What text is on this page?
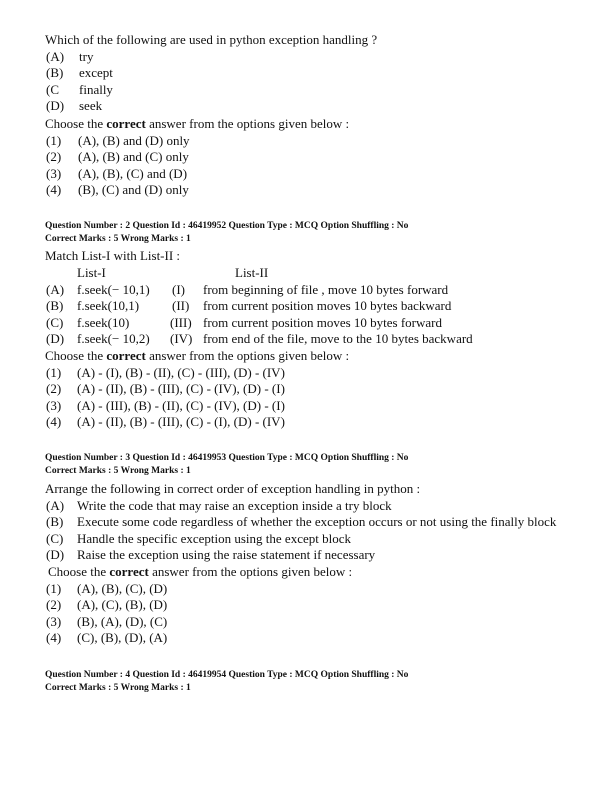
Which of the following are used in python exception handling ?
(A) try
(B) except
(C finally
(D) seek
Choose the correct answer from the options given below :
(1) (A), (B) and (D) only
(2) (A), (B) and (C) only
(3) (A), (B), (C) and (D)
(4) (B), (C) and (D) only
Question Number : 2 Question Id : 46419952 Question Type : MCQ Option Shuffling : No
Correct Marks : 5 Wrong Marks : 1
Match List-I with List-II :
List-I	List-II
(A) f.seek(− 10,1) (I) from beginning of file , move 10 bytes forward
(B) f.seek(10,1)	(II) from current position moves 10 bytes backward
(C) f.seek(10)	(III) from current position moves 10 bytes forward
(D) f.seek(− 10,2) (IV) from end of the file, move to the 10 bytes backward
Choose the correct answer from the options given below :
(1) (A) - (I), (B) - (II), (C) - (III), (D) - (IV)
(2) (A) - (II), (B) - (III), (C) - (IV), (D) - (I)
(3) (A) - (III), (B) - (II), (C) - (IV), (D) - (I)
(4) (A) - (II), (B) - (III), (C) - (I), (D) - (IV)
Question Number : 3 Question Id : 46419953 Question Type : MCQ Option Shuffling : No
Correct Marks : 5 Wrong Marks : 1
Arrange the following in correct order of exception handling in python :
(A) Write the code that may raise an exception inside a try block
(B) Execute some code regardless of whether the exception occurs or not using the finally block
(C) Handle the specific exception using the except block
(D) Raise the exception using the raise statement if necessary
Choose the correct answer from the options given below :
(1) (A), (B), (C), (D)
(2) (A), (C), (B), (D)
(3) (B), (A), (D), (C)
(4) (C), (B), (D), (A)
Question Number : 4 Question Id : 46419954 Question Type : MCQ Option Shuffling : No
Correct Marks : 5 Wrong Marks : 1
